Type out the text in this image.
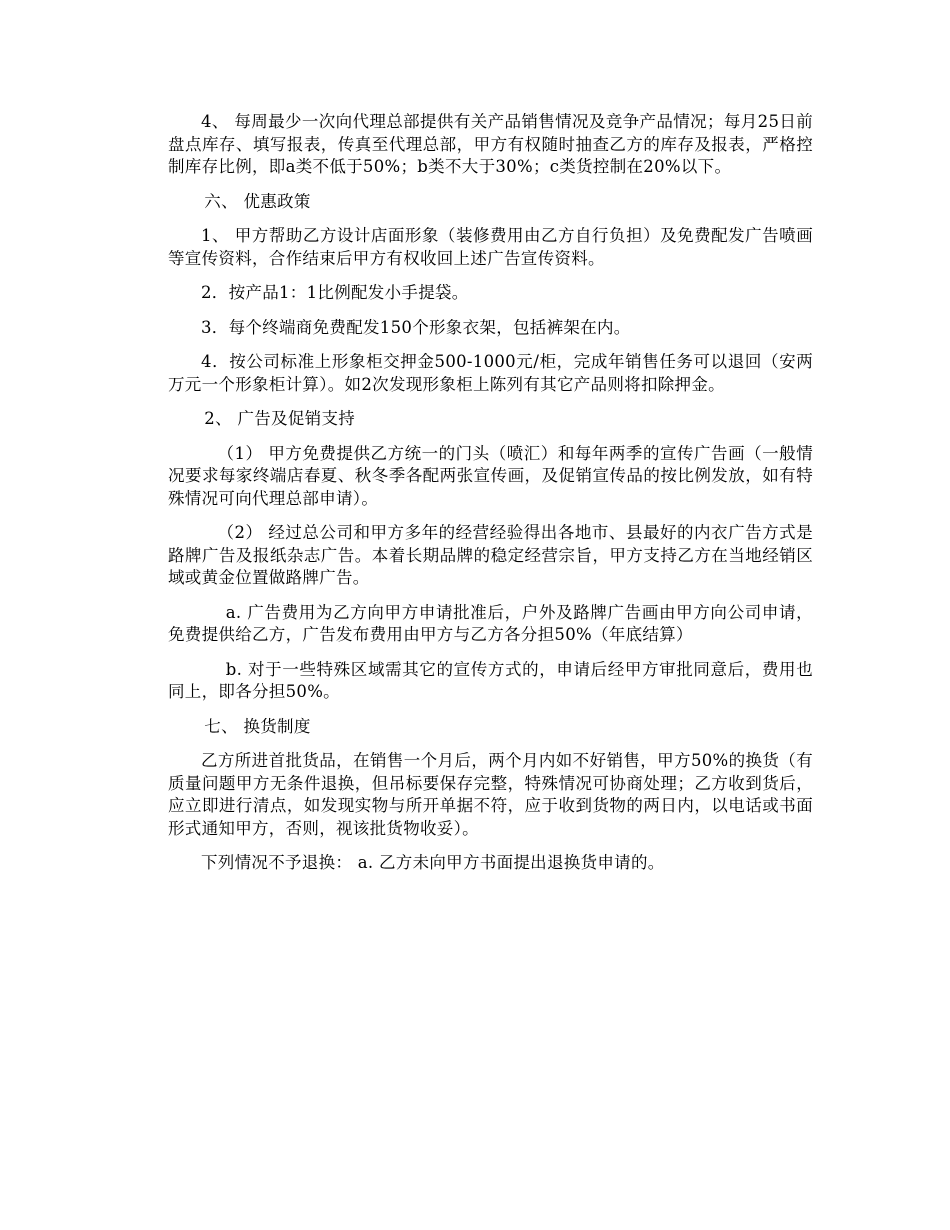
4、 每周最少一次向代理总部提供有关产品销售情况及竞争产品情况；每月25日前盘点库存、填写报表，传真至代理总部，甲方有权随时抽查乙方的库存及报表，严格控制库存比例，即a类不低于50%；b类不大于30%；c类货控制在20%以下。

六、 优惠政策

1、 甲方帮助乙方设计店面形象（装修费用由乙方自行负担）及免费配发广告喷画等宣传资料，合作结束后甲方有权收回上述广告宣传资料。

2．按产品1：1比例配发小手提袋。

3．每个终端商免费配发150个形象衣架，包括裤架在内。

4．按公司标准上形象柜交押金500-1000元/柜，完成年销售任务可以退回（安两万元一个形象柜计算）。如2次发现形象柜上陈列有其它产品则将扣除押金。

2、 广告及促销支持

（1） 甲方免费提供乙方统一的门头（喷汇）和每年两季的宣传广告画（一般情况要求每家终端店春夏、秋冬季各配两张宣传画，及促销宣传品的按比例发放，如有特殊情况可向代理总部申请）。

（2） 经过总公司和甲方多年的经营经验得出各地市、县最好的内衣广告方式是路牌广告及报纸杂志广告。本着长期品牌的稳定经营宗旨，甲方支持乙方在当地经销区域或黄金位置做路牌广告。

a. 广告费用为乙方向甲方申请批准后，户外及路牌广告画由甲方向公司申请，免费提供给乙方，广告发布费用由甲方与乙方各分担50%（年底结算）

b. 对于一些特殊区域需其它的宣传方式的，申请后经甲方审批同意后，费用也同上，即各分担50%。

七、 换货制度

乙方所进首批货品，在销售一个月后，两个月内如不好销售，甲方50%的换货（有质量问题甲方无条件退换，但吊标要保存完整，特殊情况可协商处理；乙方收到货后，应立即进行清点，如发现实物与所开单据不符，应于收到货物的两日内，以电话或书面形式通知甲方，否则，视该批货物收妥）。

下列情况不予退换： a. 乙方未向甲方书面提出退换货申请的。
